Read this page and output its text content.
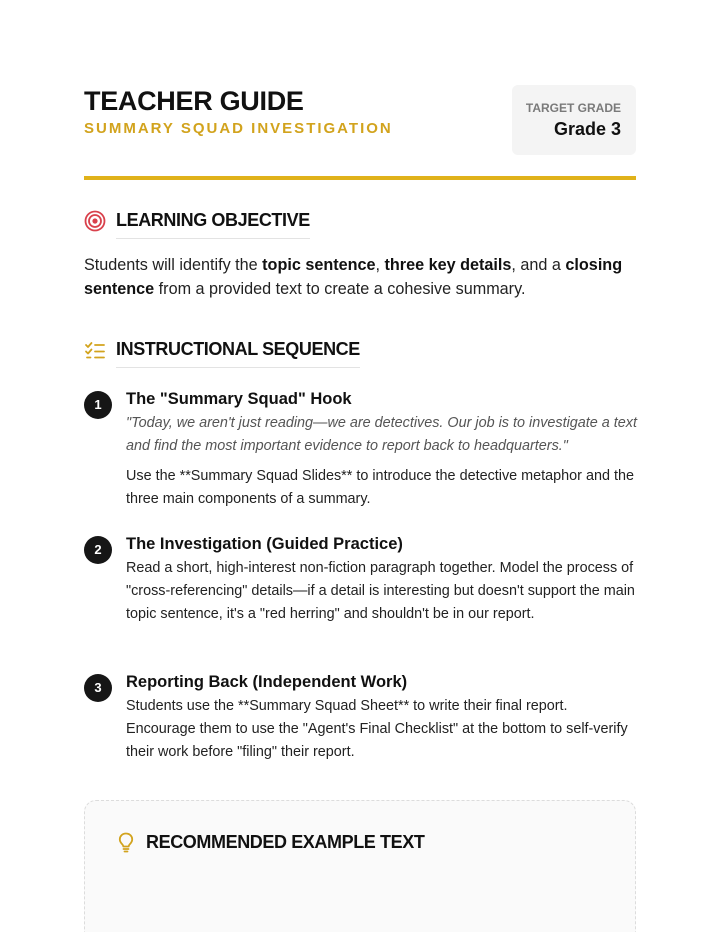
TEACHER GUIDE
SUMMARY SQUAD INVESTIGATION
TARGET GRADE
Grade 3
LEARNING OBJECTIVE

Students will identify the topic sentence, three key details, and a closing sentence from a provided text to create a cohesive summary.

INSTRUCTIONAL SEQUENCE
1	The "Summary Squad" Hook
"Today, we aren't just reading—we are detectives. Our job is to investigate a text and find the most important evidence to report back to headquarters."
Use the **Summary Squad Slides** to introduce the detective metaphor and the three main components of a summary.
2	The Investigation (Guided Practice)
Read a short, high-interest non-fiction paragraph together. Model the process of "cross-referencing" details—if a detail is interesting but doesn't support the main topic sentence, it's a "red herring" and shouldn't be in our report.
3	Reporting Back (Independent Work)
Students use the **Summary Squad Sheet** to write their final report. Encourage them to use the "Agent's Final Checklist" at the bottom to self-verify their work before "filing" their report.
RECOMMENDED EXAMPLE TEXT
